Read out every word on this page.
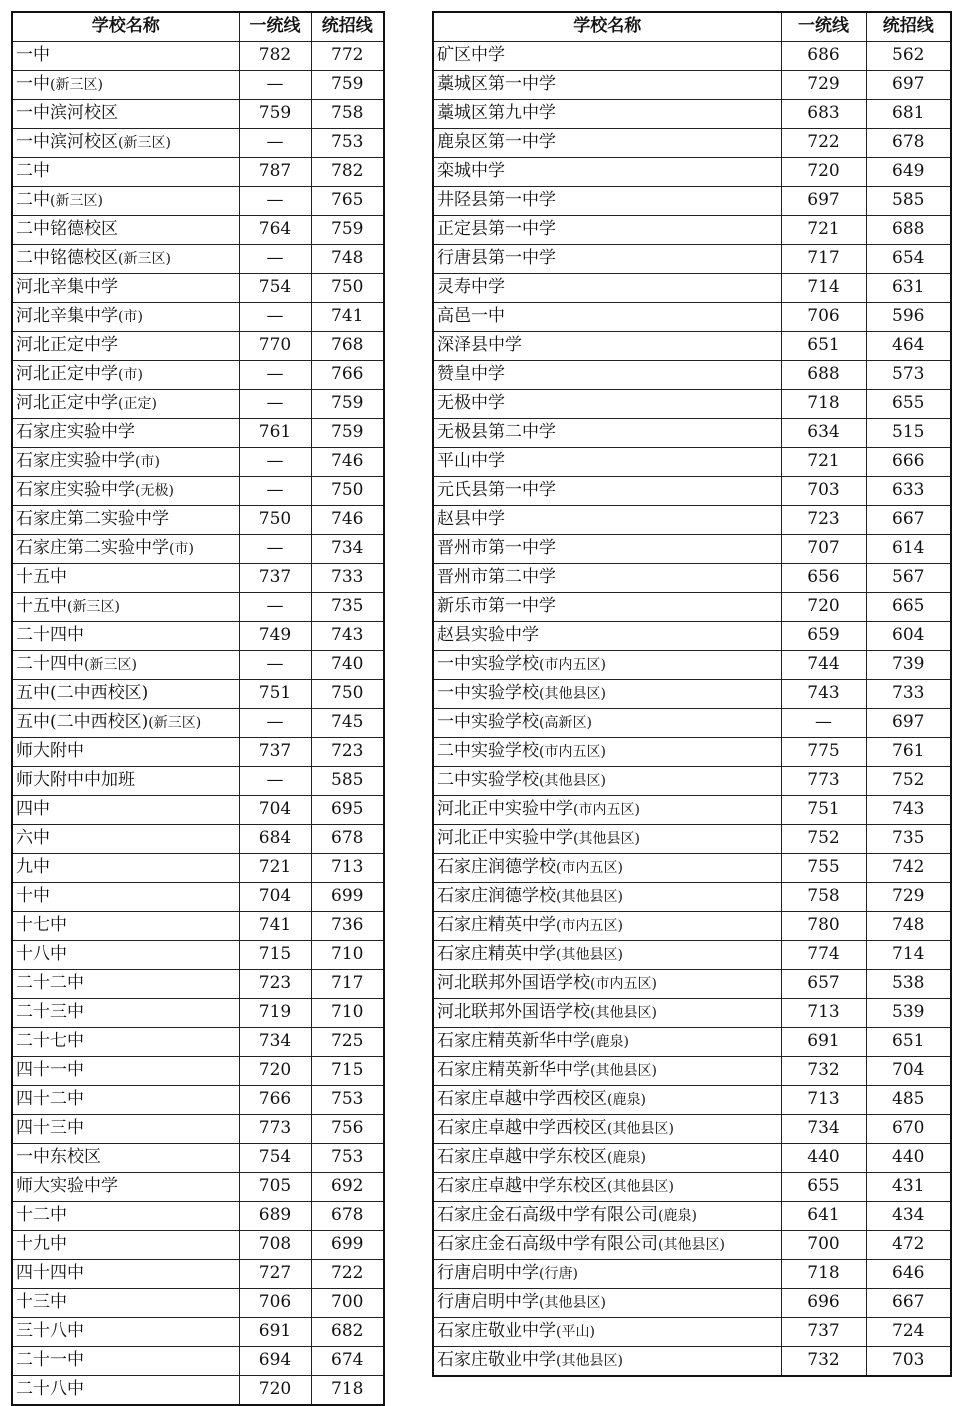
学校名称	一统线	统招线
一中	782	772
一中(新三区)	—	759
一中滨河校区	759	758
一中滨河校区(新三区)	—	753
二中	787	782
二中(新三区)	—	765
二中铭德校区	764	759
二中铭德校区(新三区)	—	748
河北辛集中学	754	750
河北辛集中学(市)	—	741
河北正定中学	770	768
河北正定中学(市)	—	766
河北正定中学(正定)	—	759
石家庄实验中学	761	759
石家庄实验中学(市)	—	746
石家庄实验中学(无极)	—	750
石家庄第二实验中学	750	746
石家庄第二实验中学(市)	—	734
十五中	737	733
十五中(新三区)	—	735
二十四中	749	743
二十四中(新三区)	—	740
五中(二中西校区)	751	750
五中(二中西校区)(新三区)	—	745
师大附中	737	723
师大附中中加班	—	585
四中	704	695
六中	684	678
九中	721	713
十中	704	699
十七中	741	736
十八中	715	710
二十二中	723	717
二十三中	719	710
二十七中	734	725
四十一中	720	715
四十二中	766	753
四十三中	773	756
一中东校区	754	753
师大实验中学	705	692
十二中	689	678
十九中	708	699
四十四中	727	722
十三中	706	700
三十八中	691	682
二十一中	694	674
二十八中	720	718
学校名称	一统线	统招线
矿区中学	686	562
藁城区第一中学	729	697
藁城区第九中学	683	681
鹿泉区第一中学	722	678
栾城中学	720	649
井陉县第一中学	697	585
正定县第一中学	721	688
行唐县第一中学	717	654
灵寿中学	714	631
高邑一中	706	596
深泽县中学	651	464
赞皇中学	688	573
无极中学	718	655
无极县第二中学	634	515
平山中学	721	666
元氏县第一中学	703	633
赵县中学	723	667
晋州市第一中学	707	614
晋州市第二中学	656	567
新乐市第一中学	720	665
赵县实验中学	659	604
一中实验学校(市内五区)	744	739
一中实验学校(其他县区)	743	733
一中实验学校(高新区)	—	697
二中实验学校(市内五区)	775	761
二中实验学校(其他县区)	773	752
河北正中实验中学(市内五区)	751	743
河北正中实验中学(其他县区)	752	735
石家庄润德学校(市内五区)	755	742
石家庄润德学校(其他县区)	758	729
石家庄精英中学(市内五区)	780	748
石家庄精英中学(其他县区)	774	714
河北联邦外国语学校(市内五区)	657	538
河北联邦外国语学校(其他县区)	713	539
石家庄精英新华中学(鹿泉)	691	651
石家庄精英新华中学(其他县区)	732	704
石家庄卓越中学西校区(鹿泉)	713	485
石家庄卓越中学西校区(其他县区)	734	670
石家庄卓越中学东校区(鹿泉)	440	440
石家庄卓越中学东校区(其他县区)	655	431
石家庄金石高级中学有限公司(鹿泉)	641	434
石家庄金石高级中学有限公司(其他县区)	700	472
行唐启明中学(行唐)	718	646
行唐启明中学(其他县区)	696	667
石家庄敬业中学(平山)	737	724
石家庄敬业中学(其他县区)	732	703
